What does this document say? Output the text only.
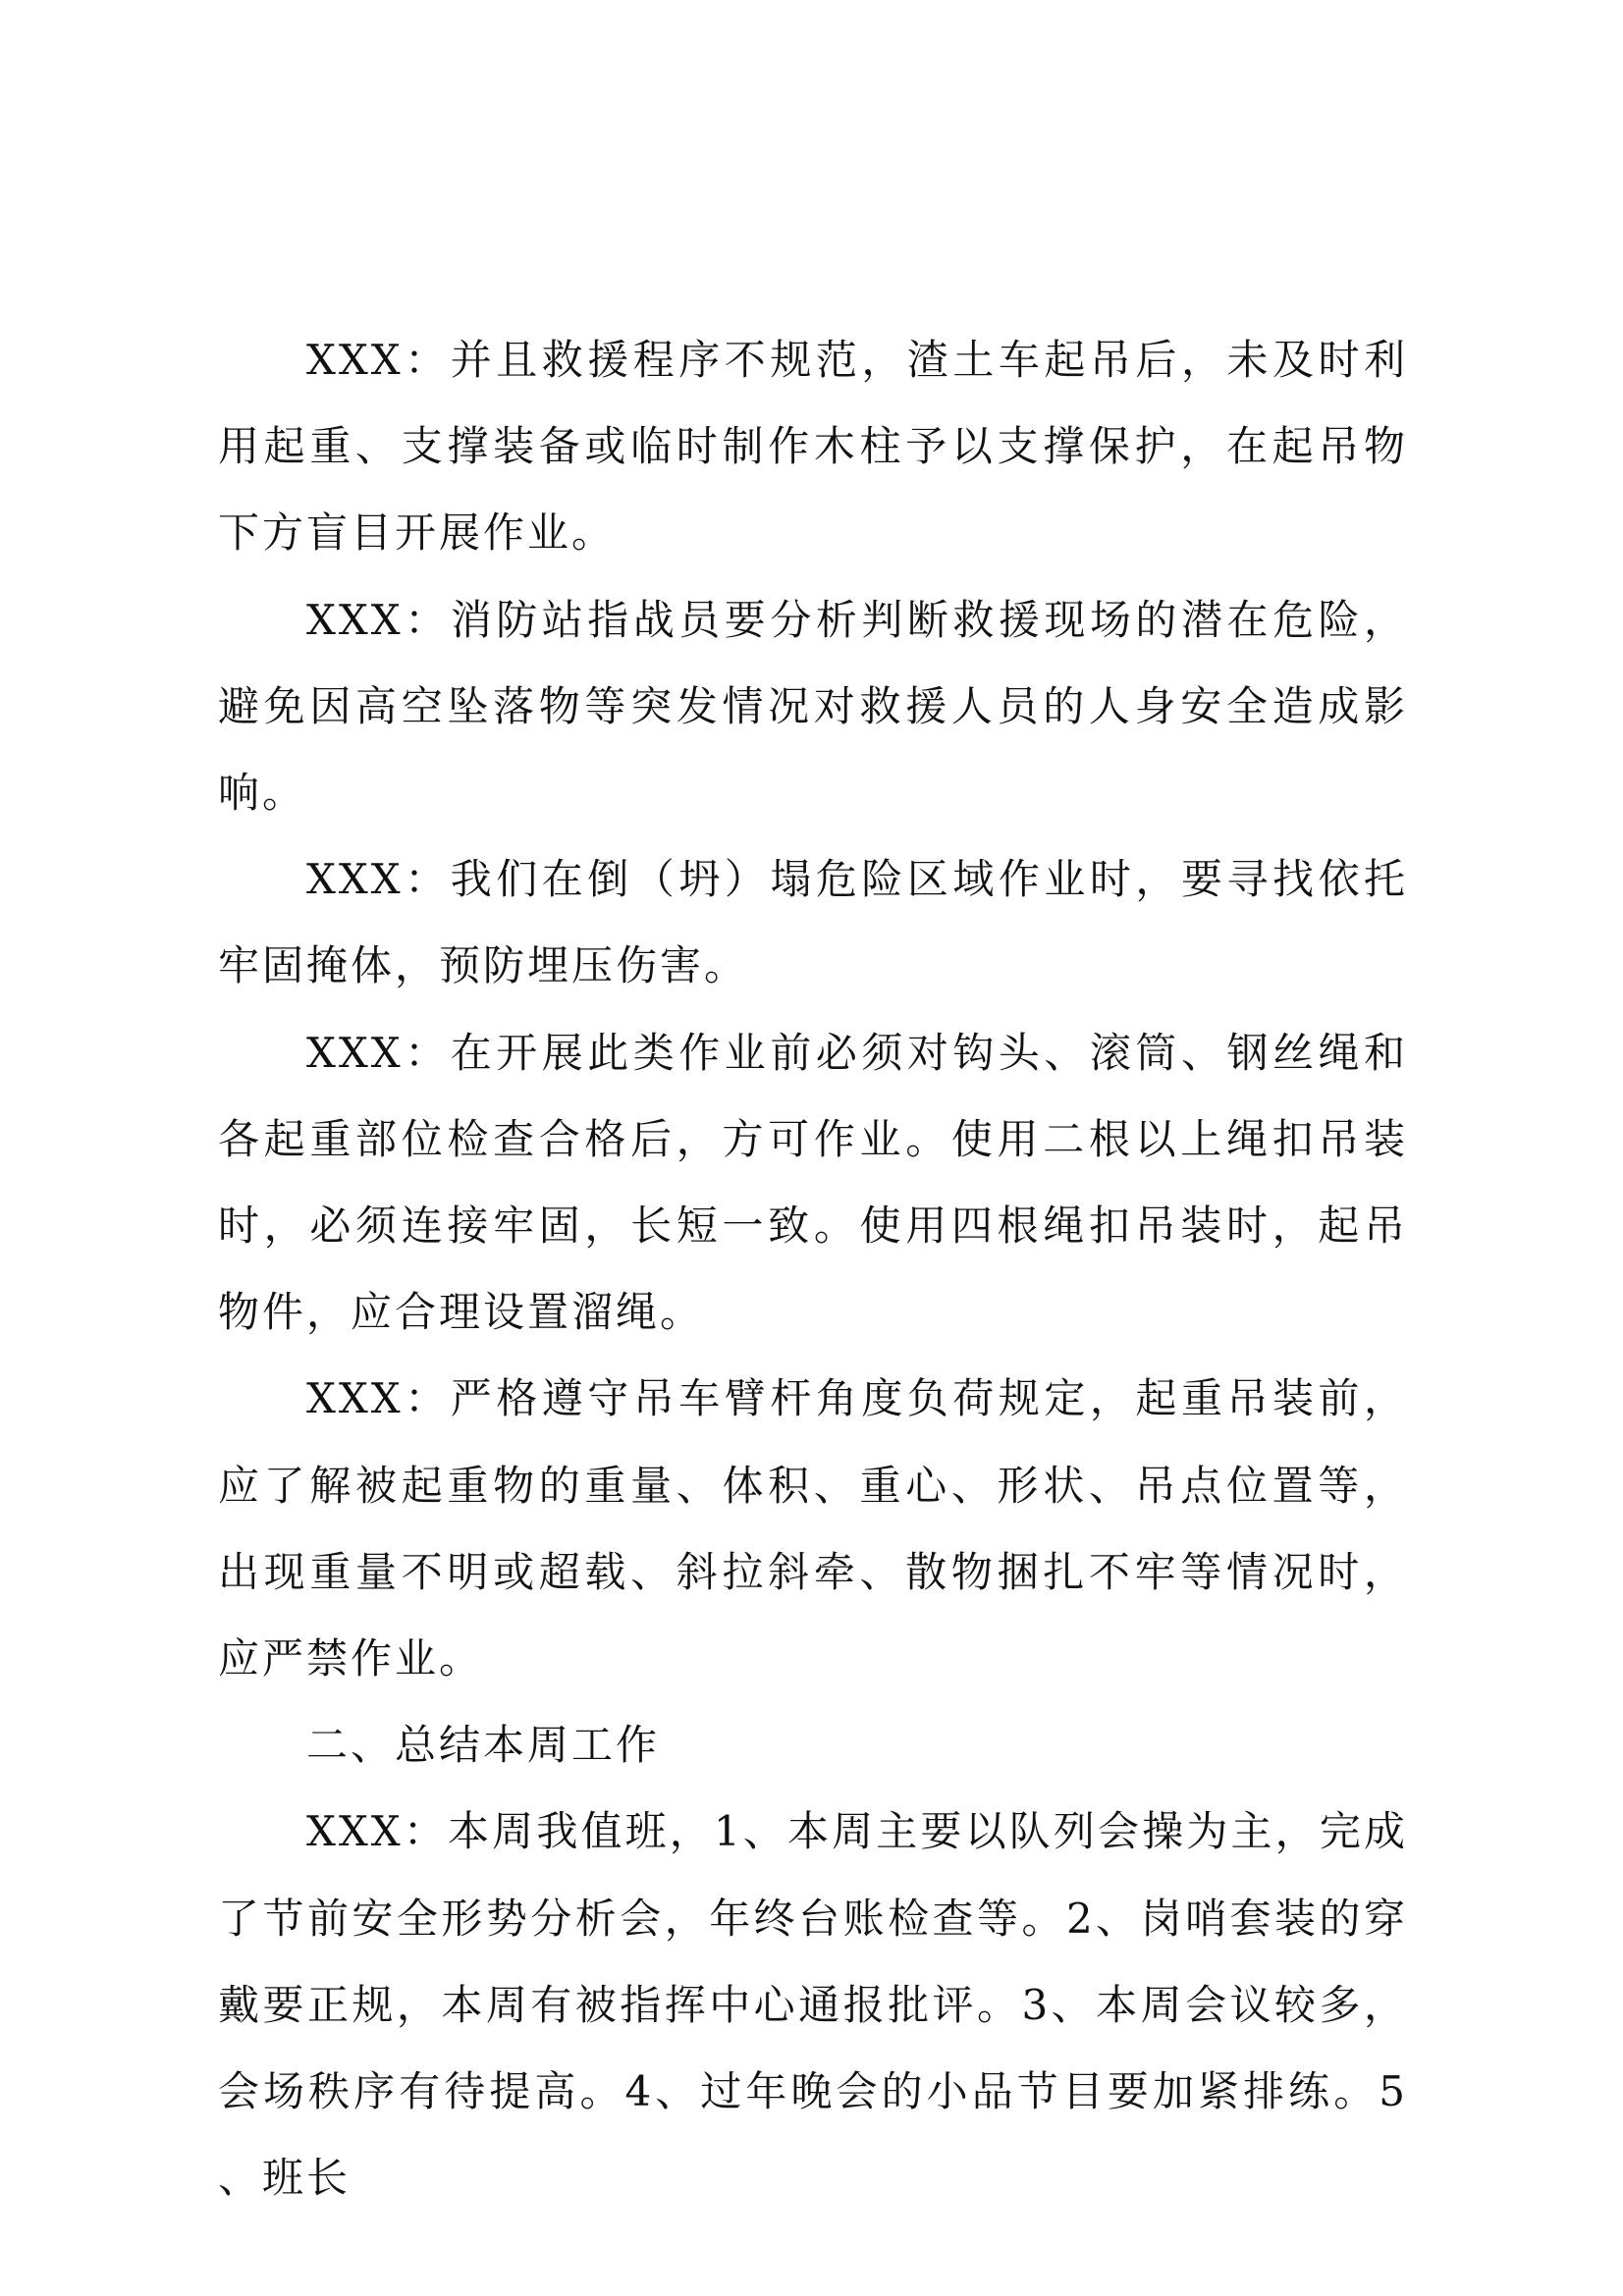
XXX：并且救援程序不规范，渣土车起吊后，未及时利用起重、支撑装备或临时制作木柱予以支撑保护，在起吊物下方盲目开展作业。

XXX：消防站指战员要分析判断救援现场的潜在危险，避免因高空坠落物等突发情况对救援人员的人身安全造成影响。

XXX：我们在倒（坍）塌危险区域作业时，要寻找依托牢固掩体，预防埋压伤害。

XXX：在开展此类作业前必须对钩头、滚筒、钢丝绳和各起重部位检查合格后，方可作业。使用二根以上绳扣吊装时，必须连接牢固，长短一致。使用四根绳扣吊装时，起吊物件，应合理设置溜绳。

XXX：严格遵守吊车臂杆角度负荷规定，起重吊装前，应了解被起重物的重量、体积、重心、形状、吊点位置等，出现重量不明或超载、斜拉斜牵、散物捆扎不牢等情况时，应严禁作业。

二、总结本周工作

XXX：本周我值班，1、本周主要以队列会操为主，完成了节前安全形势分析会，年终台账检查等。2、岗哨套装的穿戴要正规，本周有被指挥中心通报批评。3、本周会议较多，会场秩序有待提高。4、过年晚会的小品节目要加紧排练。5、班长
